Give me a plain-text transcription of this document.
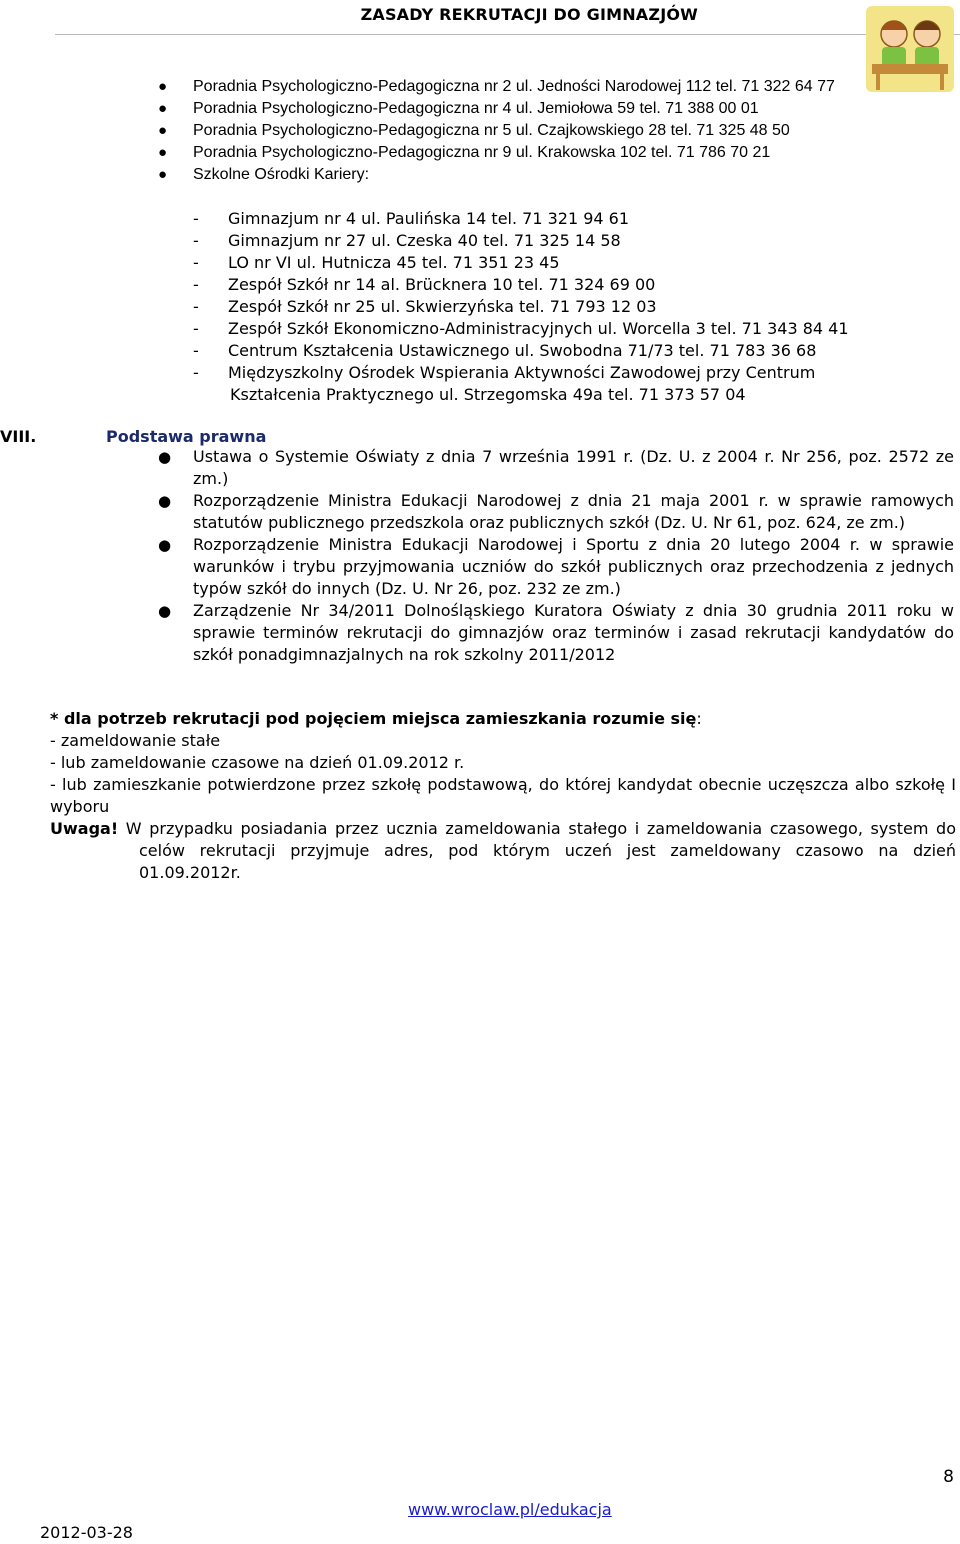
ZASADY REKRUTACJI DO GIMNAZJÓW
● Poradnia Psychologiczno-Pedagogiczna nr 2 ul. Jedności Narodowej 112 tel. 71 322 64 77
● Poradnia Psychologiczno-Pedagogiczna nr 4 ul. Jemiołowa 59 tel. 71 388 00 01
● Poradnia Psychologiczno-Pedagogiczna nr 5 ul. Czajkowskiego 28 tel. 71 325 48 50
● Poradnia Psychologiczno-Pedagogiczna nr 9 ul. Krakowska 102 tel. 71 786 70 21
● Szkolne Ośrodki Kariery:
- Gimnazjum nr 4 ul. Paulińska 14 tel. 71 321 94 61
- Gimnazjum nr 27 ul. Czeska 40 tel. 71 325 14 58
- LO nr VI ul. Hutnicza 45 tel. 71 351 23 45
- Zespół Szkół nr 14 al. Brücknera 10 tel. 71 324 69 00
- Zespół Szkół nr 25 ul. Skwierzyńska tel. 71 793 12 03
- Zespół Szkół Ekonomiczno-Administracyjnych ul. Worcella 3 tel. 71 343 84 41
- Centrum Kształcenia Ustawicznego ul. Swobodna 71/73 tel. 71 783 36 68
- Międzyszkolny Ośrodek Wspierania Aktywności Zawodowej przy Centrum
Kształcenia Praktycznego ul. Strzegomska 49a tel. 71 373 57 04
VIII.	Podstawa prawna
● Ustawa o Systemie Oświaty z dnia 7 września 1991 r. (Dz. U. z 2004 r. Nr 256, poz. 2572 ze zm.)
● Rozporządzenie Ministra Edukacji Narodowej z dnia 21 maja 2001 r. w sprawie ramowych statutów publicznego przedszkola oraz publicznych szkół (Dz. U. Nr 61, poz. 624, ze zm.)
● Rozporządzenie Ministra Edukacji Narodowej i Sportu z dnia 20 lutego 2004 r. w sprawie warunków i trybu przyjmowania uczniów do szkół publicznych oraz przechodzenia z jednych typów szkół do innych (Dz. U. Nr 26, poz. 232 ze zm.)
● Zarządzenie Nr 34/2011 Dolnośląskiego Kuratora Oświaty z dnia 30 grudnia 2011 roku w sprawie terminów rekrutacji do gimnazjów oraz terminów i zasad rekrutacji kandydatów do szkół ponadgimnazjalnych na rok szkolny 2011/2012

* dla potrzeb rekrutacji pod pojęciem miejsca zamieszkania rozumie się:

- zameldowanie stałe

- lub zameldowanie czasowe na dzień 01.09.2012 r.

- lub zamieszkanie potwierdzone przez szkołę podstawową, do której kandydat obecnie uczęszcza albo szkołę I wyboru

Uwaga! W przypadku posiadania przez ucznia zameldowania stałego i zameldowania czasowego, system do celów rekrutacji przyjmuje adres, pod którym uczeń jest zameldowany czasowo na dzień 01.09.2012r.

8
www.wroclaw.pl/edukacja
2012-03-28
